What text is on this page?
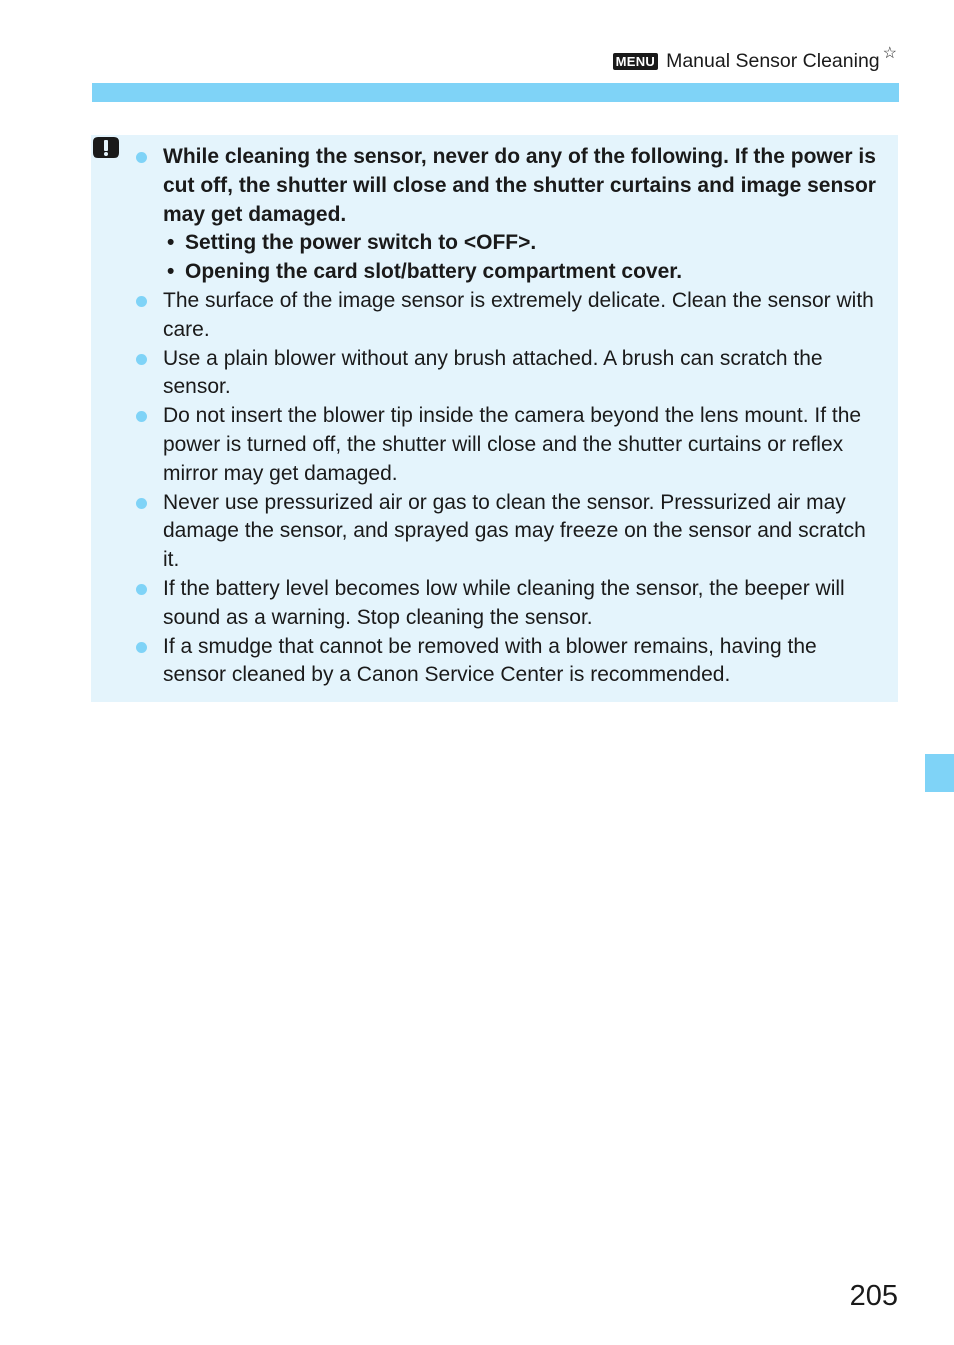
MENU Manual Sensor Cleaning ☆
While cleaning the sensor, never do any of the following. If the power is cut off, the shutter will close and the shutter curtains and image sensor may get damaged.
• Setting the power switch to <OFF>.
• Opening the card slot/battery compartment cover.
The surface of the image sensor is extremely delicate. Clean the sensor with care.
Use a plain blower without any brush attached. A brush can scratch the sensor.
Do not insert the blower tip inside the camera beyond the lens mount. If the power is turned off, the shutter will close and the shutter curtains or reflex mirror may get damaged.
Never use pressurized air or gas to clean the sensor. Pressurized air may damage the sensor, and sprayed gas may freeze on the sensor and scratch it.
If the battery level becomes low while cleaning the sensor, the beeper will sound as a warning. Stop cleaning the sensor.
If a smudge that cannot be removed with a blower remains, having the sensor cleaned by a Canon Service Center is recommended.
205
